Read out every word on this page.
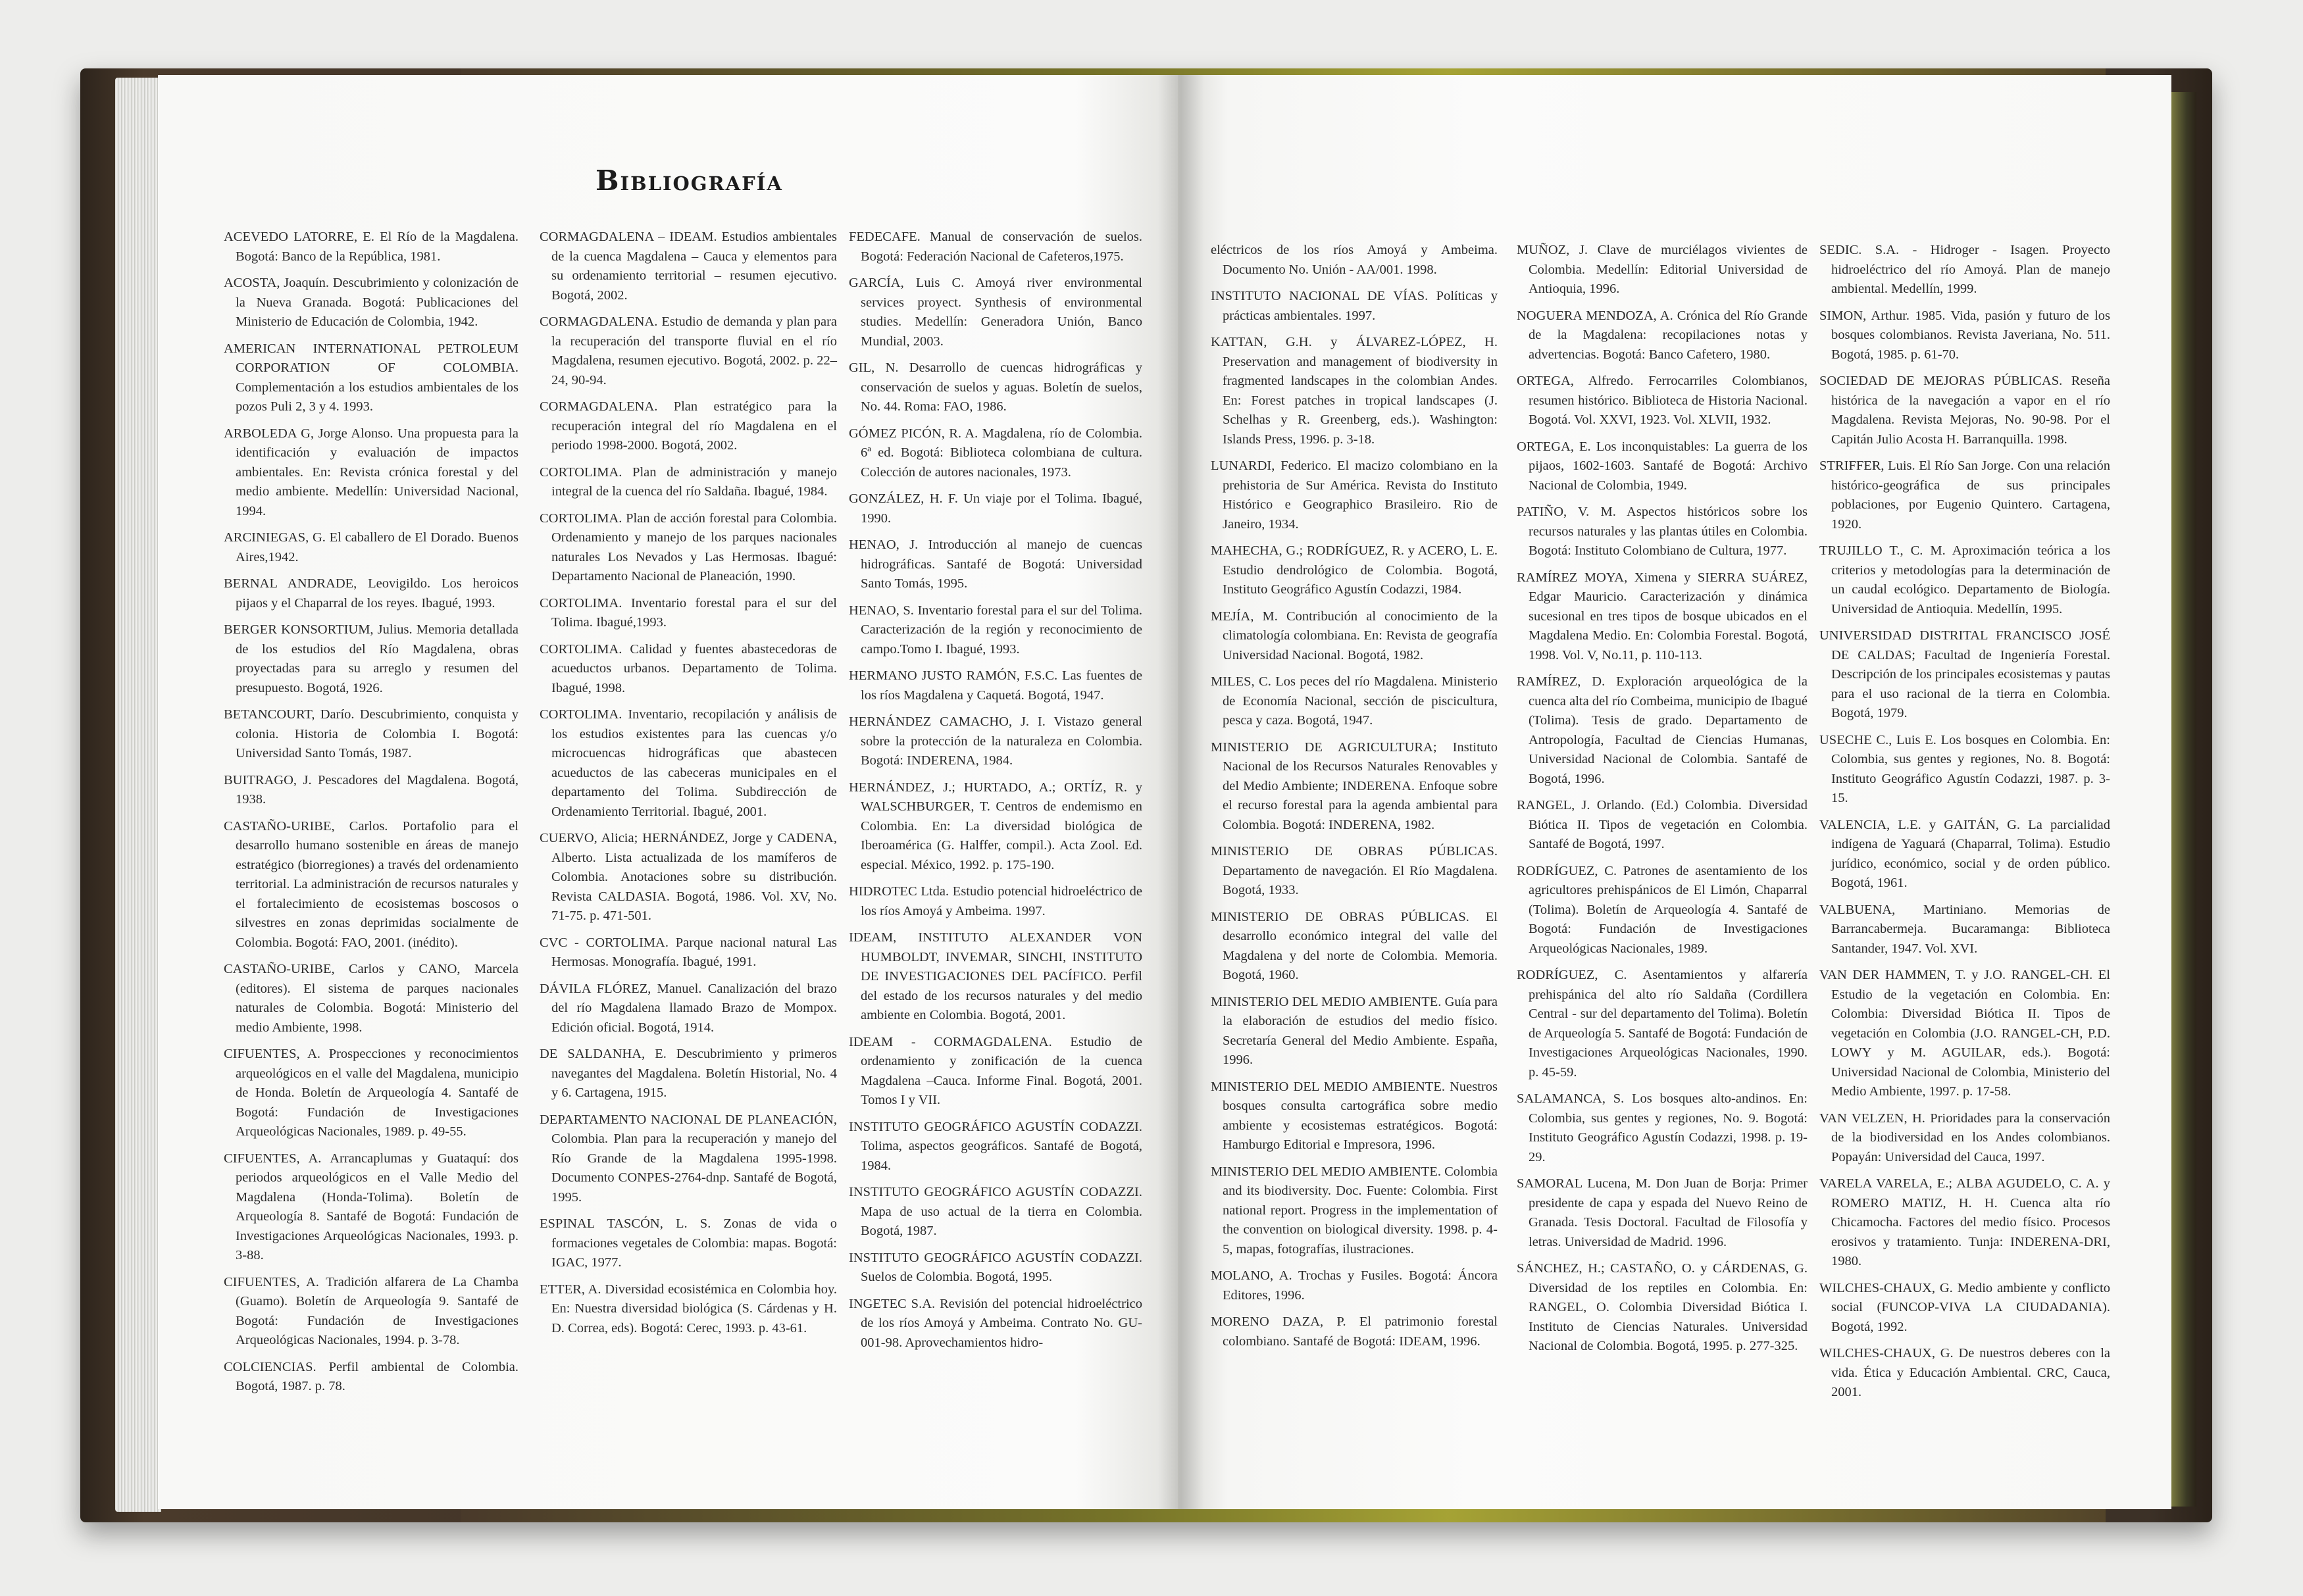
Bibliografía

ACEVEDO LATORRE, E. El Río de la Magdalena. Bogotá: Banco de la República, 1981.

ACOSTA, Joaquín. Descubrimiento y colonización de la Nueva Granada. Bogotá: Publicaciones del Ministerio de Educación de Colombia, 1942.

AMERICAN INTERNATIONAL PETROLEUM CORPORATION OF COLOMBIA. Complementación a los estudios ambientales de los pozos Puli 2, 3 y 4. 1993.

ARBOLEDA G, Jorge Alonso. Una propuesta para la identificación y evaluación de impactos ambientales. En: Revista crónica forestal y del medio ambiente. Medellín: Universidad Nacional, 1994.

ARCINIEGAS, G. El caballero de El Dorado. Buenos Aires,1942.

BERNAL ANDRADE, Leovigildo. Los heroicos pijaos y el Chaparral de los reyes. Ibagué, 1993.

BERGER KONSORTIUM, Julius. Memoria detallada de los estudios del Río Magdalena, obras proyectadas para su arreglo y resumen del presupuesto. Bogotá, 1926.

BETANCOURT, Darío. Descubrimiento, conquista y colonia. Historia de Colombia I. Bogotá: Universidad Santo Tomás, 1987.

BUITRAGO, J. Pescadores del Magdalena. Bogotá, 1938.

CASTAÑO-URIBE, Carlos. Portafolio para el desarrollo humano sostenible en áreas de manejo estratégico (biorregiones) a través del ordenamiento territorial. La administración de recursos naturales y el fortalecimiento de ecosistemas boscosos o silvestres en zonas deprimidas socialmente de Colombia. Bogotá: FAO, 2001. (inédito).

CASTAÑO-URIBE, Carlos y CANO, Marcela (editores). El sistema de parques nacionales naturales de Colombia. Bogotá: Ministerio del medio Ambiente, 1998.

CIFUENTES, A. Prospecciones y reconocimientos arqueológicos en el valle del Magdalena, municipio de Honda. Boletín de Arqueología 4. Santafé de Bogotá: Fundación de Investigaciones Arqueológicas Nacionales, 1989. p. 49-55.

CIFUENTES, A. Arrancaplumas y Guataquí: dos periodos arqueológicos en el Valle Medio del Magdalena (Honda-Tolima). Boletín de Arqueología 8. Santafé de Bogotá: Fundación de Investigaciones Arqueológicas Nacionales, 1993. p. 3-88.

CIFUENTES, A. Tradición alfarera de La Chamba (Guamo). Boletín de Arqueología 9. Santafé de Bogotá: Fundación de Investigaciones Arqueológicas Nacionales, 1994. p. 3-78.

COLCIENCIAS. Perfil ambiental de Colombia. Bogotá, 1987. p. 78.

CORMAGDALENA – IDEAM. Estudios ambientales de la cuenca Magdalena – Cauca y elementos para su ordenamiento territorial – resumen ejecutivo. Bogotá, 2002.

CORMAGDALENA. Estudio de demanda y plan para la recuperación del transporte fluvial en el río Magdalena, resumen ejecutivo. Bogotá, 2002. p. 22–24, 90-94.

CORMAGDALENA. Plan estratégico para la recuperación integral del río Magdalena en el periodo 1998-2000. Bogotá, 2002.

CORTOLIMA. Plan de administración y manejo integral de la cuenca del río Saldaña. Ibagué, 1984.

CORTOLIMA. Plan de acción forestal para Colombia. Ordenamiento y manejo de los parques nacionales naturales Los Nevados y Las Hermosas. Ibagué: Departamento Nacional de Planeación, 1990.

CORTOLIMA. Inventario forestal para el sur del Tolima. Ibagué,1993.

CORTOLIMA. Calidad y fuentes abastecedoras de acueductos urbanos. Departamento de Tolima. Ibagué, 1998.

CORTOLIMA. Inventario, recopilación y análisis de los estudios existentes para las cuencas y/o microcuencas hidrográficas que abastecen acueductos de las cabeceras municipales en el departamento del Tolima. Subdirección de Ordenamiento Territorial. Ibagué, 2001.

CUERVO, Alicia; HERNÁNDEZ, Jorge y CADENA, Alberto. Lista actualizada de los mamíferos de Colombia. Anotaciones sobre su distribución. Revista CALDASIA. Bogotá, 1986. Vol. XV, No. 71-75. p. 471-501.

CVC - CORTOLIMA. Parque nacional natural Las Hermosas. Monografía. Ibagué, 1991.

DÁVILA FLÓREZ, Manuel. Canalización del brazo del río Magdalena llamado Brazo de Mompox. Edición oficial. Bogotá, 1914.

DE SALDANHA, E. Descubrimiento y primeros navegantes del Magdalena. Boletín Historial, No. 4 y 6. Cartagena, 1915.

DEPARTAMENTO NACIONAL DE PLANEACIÓN, Colombia. Plan para la recuperación y manejo del Río Grande de la Magdalena 1995-1998. Documento CONPES-2764-dnp. Santafé de Bogotá, 1995.

ESPINAL TASCÓN, L. S. Zonas de vida o formaciones vegetales de Colombia: mapas. Bogotá: IGAC, 1977.

ETTER, A. Diversidad ecosistémica en Colombia hoy. En: Nuestra diversidad biológica (S. Cárdenas y H. D. Correa, eds). Bogotá: Cerec, 1993. p. 43-61.

FEDECAFE. Manual de conservación de suelos. Bogotá: Federación Nacional de Cafeteros,1975.

GARCÍA, Luis C. Amoyá river environmental services proyect. Synthesis of environmental studies. Medellín: Generadora Unión, Banco Mundial, 2003.

GIL, N. Desarrollo de cuencas hidrográficas y conservación de suelos y aguas. Boletín de suelos, No. 44. Roma: FAO, 1986.

GÓMEZ PICÓN, R. A. Magdalena, río de Colombia. 6ª ed. Bogotá: Biblioteca colombiana de cultura. Colección de autores nacionales, 1973.

GONZÁLEZ, H. F. Un viaje por el Tolima. Ibagué, 1990.

HENAO, J. Introducción al manejo de cuencas hidrográficas. Santafé de Bogotá: Universidad Santo Tomás, 1995.

HENAO, S. Inventario forestal para el sur del Tolima. Caracterización de la región y reconocimiento de campo.Tomo I. Ibagué, 1993.

HERMANO JUSTO RAMÓN, F.S.C. Las fuentes de los ríos Magdalena y Caquetá. Bogotá, 1947.

HERNÁNDEZ CAMACHO, J. I. Vistazo general sobre la protección de la naturaleza en Colombia. Bogotá: INDERENA, 1984.

HERNÁNDEZ, J.; HURTADO, A.; ORTÍZ, R. y WALSCHBURGER, T. Centros de endemismo en Colombia. En: La diversidad biológica de Iberoamérica (G. Halffer, compil.). Acta Zool. Ed. especial. México, 1992. p. 175-190.

HIDROTEC Ltda. Estudio potencial hidroeléctrico de los ríos Amoyá y Ambeima. 1997.

IDEAM, INSTITUTO ALEXANDER VON HUMBOLDT, INVEMAR, SINCHI, INSTITUTO DE INVESTIGACIONES DEL PACÍFICO. Perfil del estado de los recursos naturales y del medio ambiente en Colombia. Bogotá, 2001.

IDEAM - CORMAGDALENA. Estudio de ordenamiento y zonificación de la cuenca Magdalena –Cauca. Informe Final. Bogotá, 2001. Tomos I y VII.

INSTITUTO GEOGRÁFICO AGUSTÍN CODAZZI. Tolima, aspectos geográficos. Santafé de Bogotá, 1984.

INSTITUTO GEOGRÁFICO AGUSTÍN CODAZZI. Mapa de uso actual de la tierra en Colombia. Bogotá, 1987.

INSTITUTO GEOGRÁFICO AGUSTÍN CODAZZI. Suelos de Colombia. Bogotá, 1995.

INGETEC S.A. Revisión del potencial hidroeléctrico de los ríos Amoyá y Ambeima. Contrato No. GU-001-98. Aprovechamientos hidro-

eléctricos de los ríos Amoyá y Ambeima. Documento No. Unión - AA/001. 1998.

INSTITUTO NACIONAL DE VÍAS. Políticas y prácticas ambientales. 1997.

KATTAN, G.H. y ÁLVAREZ-LÓPEZ, H. Preservation and management of biodiversity in fragmented landscapes in the colombian Andes. En: Forest patches in tropical landscapes (J. Schelhas y R. Greenberg, eds.). Washington: Islands Press, 1996. p. 3-18.

LUNARDI, Federico. El macizo colombiano en la prehistoria de Sur América. Revista do Instituto Histórico e Geographico Brasileiro. Rio de Janeiro, 1934.

MAHECHA, G.; RODRÍGUEZ, R. y ACERO, L. E. Estudio dendrológico de Colombia. Bogotá, Instituto Geográfico Agustín Codazzi, 1984.

MEJÍA, M. Contribución al conocimiento de la climatología colombiana. En: Revista de geografía Universidad Nacional. Bogotá, 1982.

MILES, C. Los peces del río Magdalena. Ministerio de Economía Nacional, sección de piscicultura, pesca y caza. Bogotá, 1947.

MINISTERIO DE AGRICULTURA; Instituto Nacional de los Recursos Naturales Renovables y del Medio Ambiente; INDERENA. Enfoque sobre el recurso forestal para la agenda ambiental para Colombia. Bogotá: INDERENA, 1982.

MINISTERIO DE OBRAS PÚBLICAS. Departamento de navegación. El Río Magdalena. Bogotá, 1933.

MINISTERIO DE OBRAS PÚBLICAS. El desarrollo económico integral del valle del Magdalena y del norte de Colombia. Memoria. Bogotá, 1960.

MINISTERIO DEL MEDIO AMBIENTE. Guía para la elaboración de estudios del medio físico. Secretaría General del Medio Ambiente. España, 1996.

MINISTERIO DEL MEDIO AMBIENTE. Nuestros bosques consulta cartográfica sobre medio ambiente y ecosistemas estratégicos. Bogotá: Hamburgo Editorial e Impresora, 1996.

MINISTERIO DEL MEDIO AMBIENTE. Colombia and its biodiversity. Doc. Fuente: Colombia. First national report. Progress in the implementation of the convention on biological diversity. 1998. p. 4-5, mapas, fotografías, ilustraciones.

MOLANO, A. Trochas y Fusiles. Bogotá: Áncora Editores, 1996.

MORENO DAZA, P. El patrimonio forestal colombiano. Santafé de Bogotá: IDEAM, 1996.

MUÑOZ, J. Clave de murciélagos vivientes de Colombia. Medellín: Editorial Universidad de Antioquia, 1996.

NOGUERA MENDOZA, A. Crónica del Río Grande de la Magdalena: recopilaciones notas y advertencias. Bogotá: Banco Cafetero, 1980.

ORTEGA, Alfredo. Ferrocarriles Colombianos, resumen histórico. Biblioteca de Historia Nacional. Bogotá. Vol. XXVI, 1923. Vol. XLVII, 1932.

ORTEGA, E. Los inconquistables: La guerra de los pijaos, 1602-1603. Santafé de Bogotá: Archivo Nacional de Colombia, 1949.

PATIÑO, V. M. Aspectos históricos sobre los recursos naturales y las plantas útiles en Colombia. Bogotá: Instituto Colombiano de Cultura, 1977.

RAMÍREZ MOYA, Ximena y SIERRA SUÁREZ, Edgar Mauricio. Caracterización y dinámica sucesional en tres tipos de bosque ubicados en el Magdalena Medio. En: Colombia Forestal. Bogotá, 1998. Vol. V, No.11, p. 110-113.

RAMÍREZ, D. Exploración arqueológica de la cuenca alta del río Combeima, municipio de Ibagué (Tolima). Tesis de grado. Departamento de Antropología, Facultad de Ciencias Humanas, Universidad Nacional de Colombia. Santafé de Bogotá, 1996.

RANGEL, J. Orlando. (Ed.) Colombia. Diversidad Biótica II. Tipos de vegetación en Colombia. Santafé de Bogotá, 1997.

RODRÍGUEZ, C. Patrones de asentamiento de los agricultores prehispánicos de El Limón, Chaparral (Tolima). Boletín de Arqueología 4. Santafé de Bogotá: Fundación de Investigaciones Arqueológicas Nacionales, 1989.

RODRÍGUEZ, C. Asentamientos y alfarería prehispánica del alto río Saldaña (Cordillera Central - sur del departamento del Tolima). Boletín de Arqueología 5. Santafé de Bogotá: Fundación de Investigaciones Arqueológicas Nacionales, 1990. p. 45-59.

SALAMANCA, S. Los bosques alto-andinos. En: Colombia, sus gentes y regiones, No. 9. Bogotá: Instituto Geográfico Agustín Codazzi, 1998. p. 19-29.

SAMORAL Lucena, M. Don Juan de Borja: Primer presidente de capa y espada del Nuevo Reino de Granada. Tesis Doctoral. Facultad de Filosofía y letras. Universidad de Madrid. 1996.

SÁNCHEZ, H.; CASTAÑO, O. y CÁRDENAS, G. Diversidad de los reptiles en Colombia. En: RANGEL, O. Colombia Diversidad Biótica I. Instituto de Ciencias Naturales. Universidad Nacional de Colombia. Bogotá, 1995. p. 277-325.

SEDIC. S.A. - Hidroger - Isagen. Proyecto hidroeléctrico del río Amoyá. Plan de manejo ambiental. Medellín, 1999.

SIMON, Arthur. 1985. Vida, pasión y futuro de los bosques colombianos. Revista Javeriana, No. 511. Bogotá, 1985. p. 61-70.

SOCIEDAD DE MEJORAS PÚBLICAS. Reseña histórica de la navegación a vapor en el río Magdalena. Revista Mejoras, No. 90-98. Por el Capitán Julio Acosta H. Barranquilla. 1998.

STRIFFER, Luis. El Río San Jorge. Con una relación histórico-geográfica de sus principales poblaciones, por Eugenio Quintero. Cartagena, 1920.

TRUJILLO T., C. M. Aproximación teórica a los criterios y metodologías para la determinación de un caudal ecológico. Departamento de Biología. Universidad de Antioquia. Medellín, 1995.

UNIVERSIDAD DISTRITAL FRANCISCO JOSÉ DE CALDAS; Facultad de Ingeniería Forestal. Descripción de los principales ecosistemas y pautas para el uso racional de la tierra en Colombia. Bogotá, 1979.

USECHE C., Luis E. Los bosques en Colombia. En: Colombia, sus gentes y regiones, No. 8. Bogotá: Instituto Geográfico Agustín Codazzi, 1987. p. 3-15.

VALENCIA, L.E. y GAITÁN, G. La parcialidad indígena de Yaguará (Chaparral, Tolima). Estudio jurídico, económico, social y de orden público. Bogotá, 1961.

VALBUENA, Martiniano. Memorias de Barrancabermeja. Bucaramanga: Biblioteca Santander, 1947. Vol. XVI.

VAN DER HAMMEN, T. y J.O. RANGEL-CH. El Estudio de la vegetación en Colombia. En: Colombia: Diversidad Biótica II. Tipos de vegetación en Colombia (J.O. RANGEL-CH, P.D. LOWY y M. AGUILAR, eds.). Bogotá: Universidad Nacional de Colombia, Ministerio del Medio Ambiente, 1997. p. 17-58.

VAN VELZEN, H. Prioridades para la conservación de la biodiversidad en los Andes colombianos. Popayán: Universidad del Cauca, 1997.

VARELA VARELA, E.; ALBA AGUDELO, C. A. y ROMERO MATIZ, H. H. Cuenca alta río Chicamocha. Factores del medio físico. Procesos erosivos y tratamiento. Tunja: INDERENA-DRI, 1980.

WILCHES-CHAUX, G. Medio ambiente y conflicto social (FUNCOP-VIVA LA CIUDADANIA). Bogotá, 1992.

WILCHES-CHAUX, G. De nuestros deberes con la vida. Ética y Educación Ambiental. CRC, Cauca, 2001.
